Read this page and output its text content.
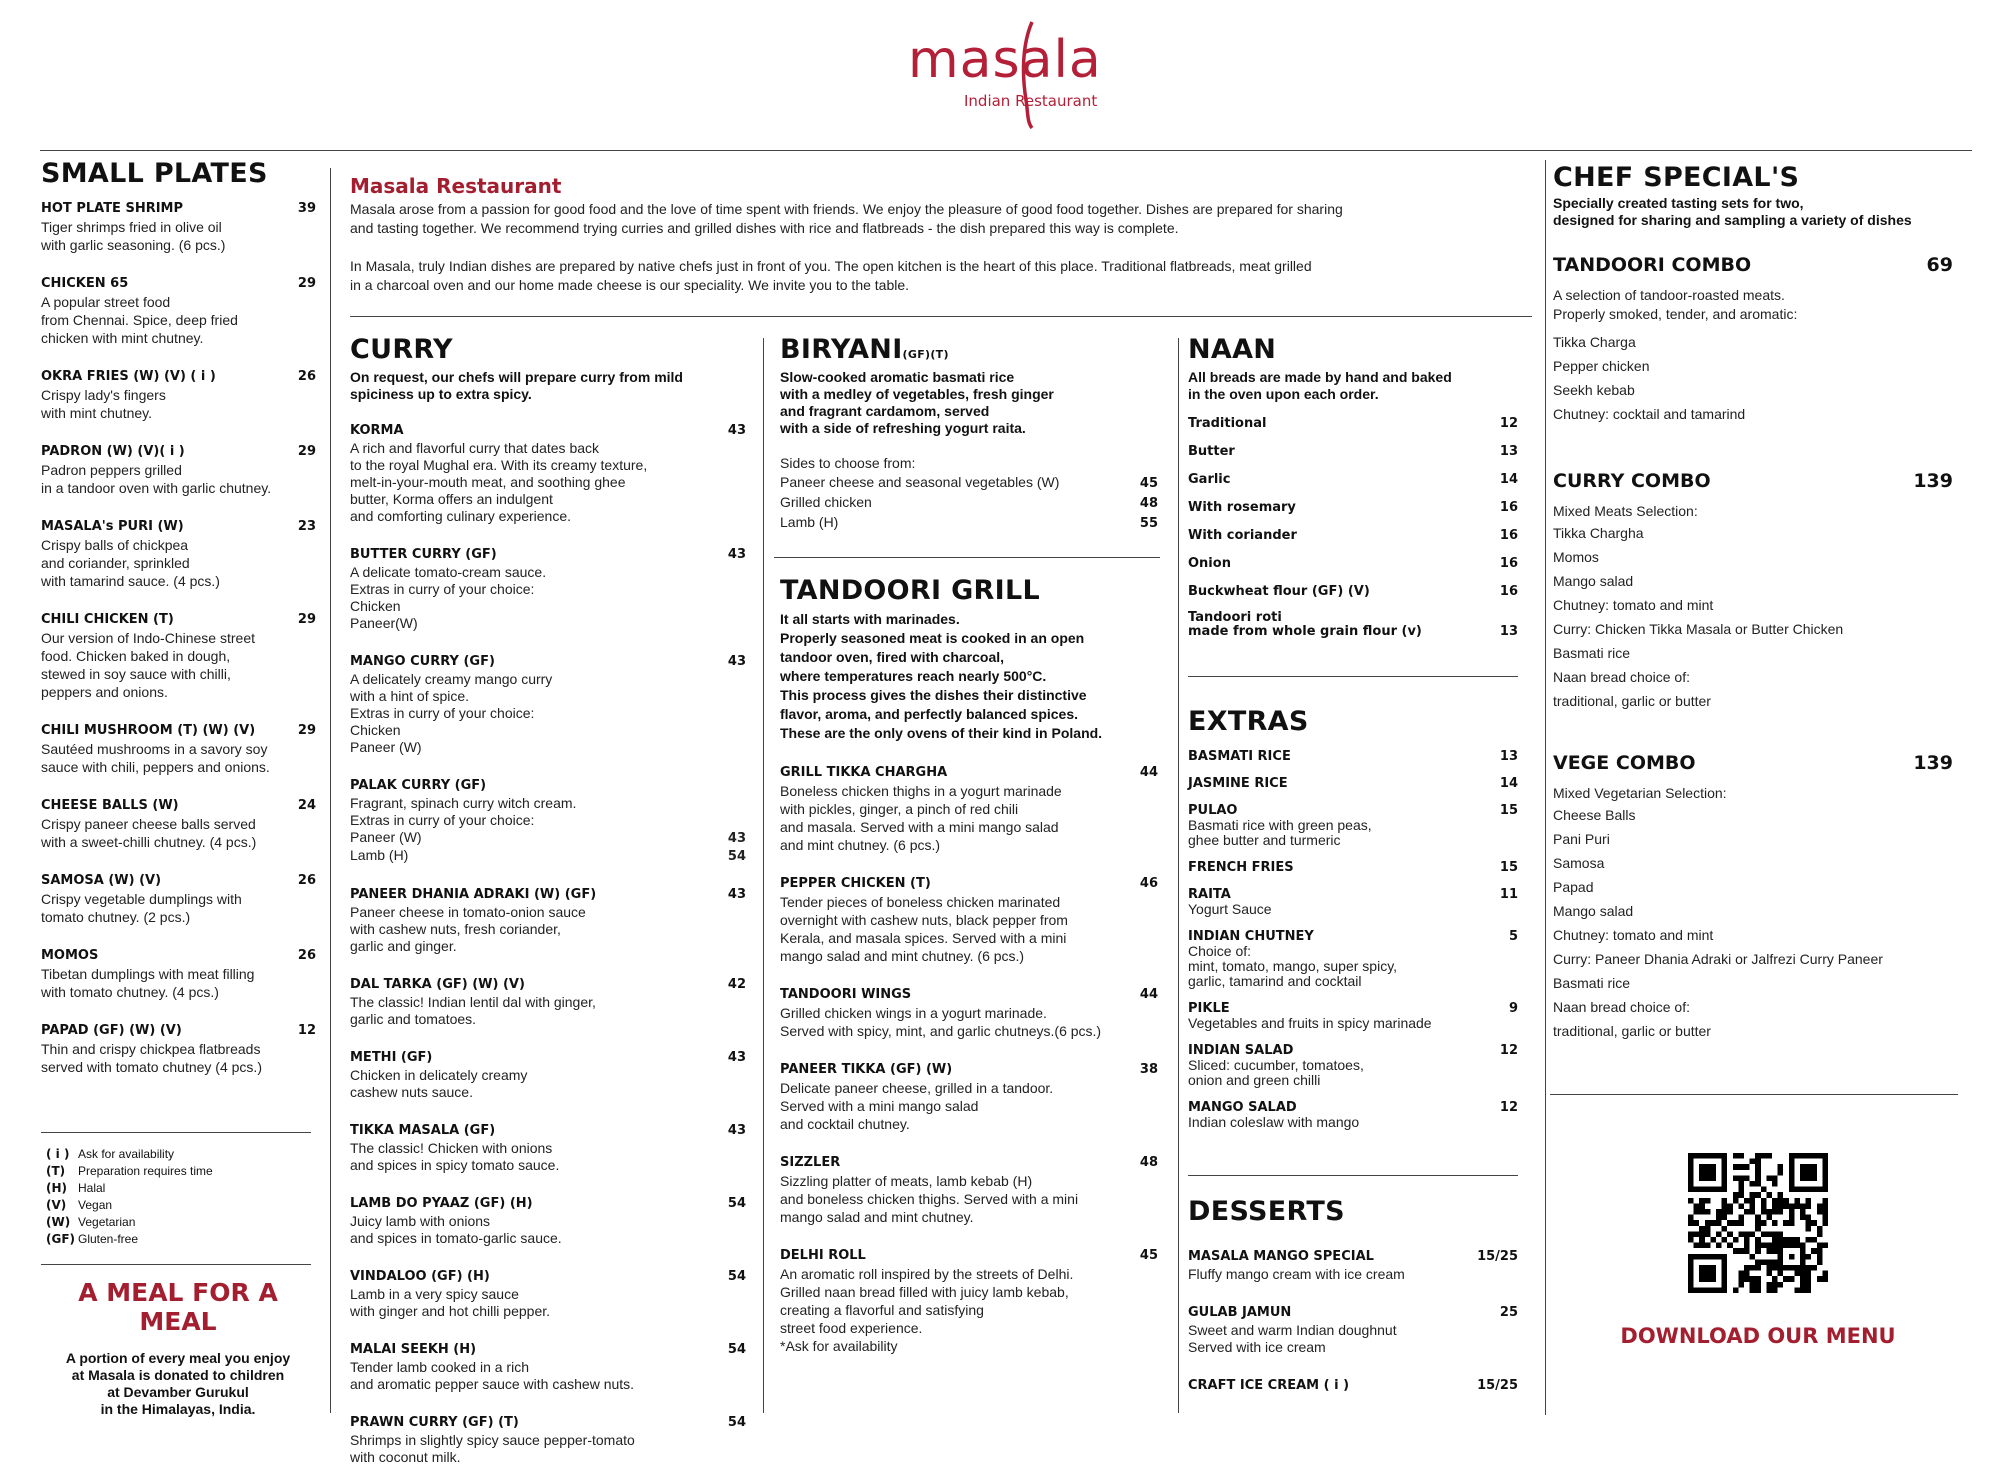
masala
Indian Restaurant
SMALL PLATES
HOT PLATE SHRIMP	39
Tiger shrimps fried in olive oil
with garlic seasoning. (6 pcs.)
CHICKEN 65	29
A popular street food
from Chennai. Spice, deep fried
chicken with mint chutney.
OKRA FRIES (W) (V) ( i )	26
Crispy lady's fingers
with mint chutney.
PADRON (W) (V)( i )	29
Padron peppers grilled
in a tandoor oven with garlic chutney.
MASALA's PURI (W)	23
Crispy balls of chickpea
and coriander, sprinkled
with tamarind sauce. (4 pcs.)
CHILI CHICKEN (T)	29
Our version of Indo-Chinese street
food. Chicken baked in dough,
stewed in soy sauce with chilli,
peppers and onions.
CHILI MUSHROOM (T) (W) (V)	29
Sautéed mushrooms in a savory soy
sauce with chili, peppers and onions.
CHEESE BALLS (W)	24
Crispy paneer cheese balls served
with a sweet-chilli chutney. (4 pcs.)
SAMOSA (W) (V)	26
Crispy vegetable dumplings with
tomato chutney. (2 pcs.)
MOMOS	26
Tibetan dumplings with meat filling
with tomato chutney. (4 pcs.)
PAPAD (GF) (W) (V)	12
Thin and crispy chickpea flatbreads
served with tomato chutney (4 pcs.)
( i ) Ask for availability
(T) Preparation requires time
(H) Halal
(V) Vegan
(W) Vegetarian
(GF) Gluten-free
A MEAL FOR A MEAL
A portion of every meal you enjoy
at Masala is donated to children
at Devamber Gurukul
in the Himalayas, India.
Masala Restaurant
Masala arose from a passion for good food and the love of time spent with friends. We enjoy the pleasure of good food together. Dishes are prepared for sharing
and tasting together. We recommend trying curries and grilled dishes with rice and flatbreads - the dish prepared this way is complete.
In Masala, truly Indian dishes are prepared by native chefs just in front of you. The open kitchen is the heart of this place. Traditional flatbreads, meat grilled
in a charcoal oven and our home made cheese is our speciality. We invite you to the table.
CURRY
On request, our chefs will prepare curry from mild
spiciness up to extra spicy.
KORMA	43
A rich and flavorful curry that dates back
to the royal Mughal era. With its creamy texture,
melt-in-your-mouth meat, and soothing ghee
butter, Korma offers an indulgent
and comforting culinary experience.
BUTTER CURRY (GF)	43
A delicate tomato-cream sauce.
Extras in curry of your choice:
Chicken
Paneer(W)
MANGO CURRY (GF)	43
A delicately creamy mango curry
with a hint of spice.
Extras in curry of your choice:
Chicken
Paneer (W)
PALAK CURRY (GF)
Fragrant, spinach curry witch cream.
Extras in curry of your choice:
Paneer (W)	43
Lamb (H)	54
PANEER DHANIA ADRAKI (W) (GF)	43
Paneer cheese in tomato-onion sauce
with cashew nuts, fresh coriander,
garlic and ginger.
DAL TARKA (GF) (W) (V)	42
The classic! Indian lentil dal with ginger,
garlic and tomatoes.
METHI (GF)	43
Chicken in delicately creamy
cashew nuts sauce.
TIKKA MASALA (GF)	43
The classic! Chicken with onions
and spices in spicy tomato sauce.
LAMB DO PYAAZ (GF) (H)	54
Juicy lamb with onions
and spices in tomato-garlic sauce.
VINDALOO (GF) (H)	54
Lamb in a very spicy sauce
with ginger and hot chilli pepper.
MALAI SEEKH (H)	54
Tender lamb cooked in a rich
and aromatic pepper sauce with cashew nuts.
PRAWN CURRY (GF) (T)	54
Shrimps in slightly spicy sauce pepper-tomato
with coconut milk.
BIRYANI(GF)(T)
Slow-cooked aromatic basmati rice
with a medley of vegetables, fresh ginger
and fragrant cardamom, served
with a side of refreshing yogurt raita.
Sides to choose from:
Paneer cheese and seasonal vegetables (W)	45
Grilled chicken	48
Lamb (H)	55
TANDOORI GRILL
It all starts with marinades.
Properly seasoned meat is cooked in an open
tandoor oven, fired with charcoal,
where temperatures reach nearly 500°C.
This process gives the dishes their distinctive
flavor, aroma, and perfectly balanced spices.
These are the only ovens of their kind in Poland.
GRILL TIKKA CHARGHA	44
Boneless chicken thighs in a yogurt marinade
with pickles, ginger, a pinch of red chili
and masala. Served with a mini mango salad
and mint chutney. (6 pcs.)
PEPPER CHICKEN (T)	46
Tender pieces of boneless chicken marinated
overnight with cashew nuts, black pepper from
Kerala, and masala spices. Served with a mini
mango salad and mint chutney. (6 pcs.)
TANDOORI WINGS	44
Grilled chicken wings in a yogurt marinade.
Served with spicy, mint, and garlic chutneys.(6 pcs.)
PANEER TIKKA (GF) (W)	38
Delicate paneer cheese, grilled in a tandoor.
Served with a mini mango salad
and cocktail chutney.
SIZZLER	48
Sizzling platter of meats, lamb kebab (H)
and boneless chicken thighs. Served with a mini
mango salad and mint chutney.
DELHI ROLL	45
An aromatic roll inspired by the streets of Delhi.
Grilled naan bread filled with juicy lamb kebab,
creating a flavorful and satisfying
street food experience.
*Ask for availability
NAAN
All breads are made by hand and baked
in the oven upon each order.
Traditional	12
Butter	13
Garlic	14
With rosemary	16
With coriander	16
Onion	16
Buckwheat flour (GF) (V)	16
Tandoori roti
made from whole grain flour (v)	13
EXTRAS
BASMATI RICE	13
JASMINE RICE	14
PULAO	15
Basmati rice with green peas,
ghee butter and turmeric
FRENCH FRIES	15
RAITA	11
Yogurt Sauce
INDIAN CHUTNEY	5
Choice of:
mint, tomato, mango, super spicy,
garlic, tamarind and cocktail
PIKLE	9
Vegetables and fruits in spicy marinade
INDIAN SALAD	12
Sliced: cucumber, tomatoes,
onion and green chilli
MANGO SALAD	12
Indian coleslaw with mango
DESSERTS
MASALA MANGO SPECIAL	15/25
Fluffy mango cream with ice cream
GULAB JAMUN	25
Sweet and warm Indian doughnut
Served with ice cream
CRAFT ICE CREAM ( i )	15/25
CHEF SPECIAL'S
Specially created tasting sets for two,
designed for sharing and sampling a variety of dishes
TANDOORI COMBO	69
A selection of tandoor-roasted meats.
Properly smoked, tender, and aromatic:
Tikka Charga
Pepper chicken
Seekh kebab
Chutney: cocktail and tamarind
CURRY COMBO	139
Mixed Meats Selection:
Tikka Chargha
Momos
Mango salad
Chutney: tomato and mint
Curry: Chicken Tikka Masala or Butter Chicken
Basmati rice
Naan bread choice of:
traditional, garlic or butter
VEGE COMBO	139
Mixed Vegetarian Selection:
Cheese Balls
Pani Puri
Samosa
Papad
Mango salad
Chutney: tomato and mint
Curry: Paneer Dhania Adraki or Jalfrezi Curry Paneer
Basmati rice
Naan bread choice of:
traditional, garlic or butter
DOWNLOAD OUR MENU
